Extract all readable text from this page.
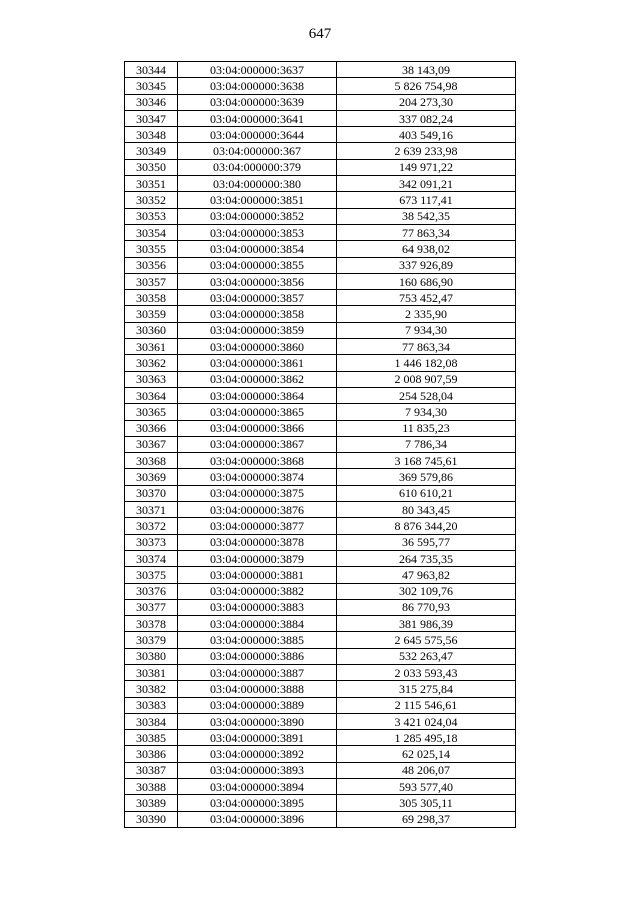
647
30344	03:04:000000:3637	38 143,09
30345	03:04:000000:3638	5 826 754,98
30346	03:04:000000:3639	204 273,30
30347	03:04:000000:3641	337 082,24
30348	03:04:000000:3644	403 549,16
30349	03:04:000000:367	2 639 233,98
30350	03:04:000000:379	149 971,22
30351	03:04:000000:380	342 091,21
30352	03:04:000000:3851	673 117,41
30353	03:04:000000:3852	38 542,35
30354	03:04:000000:3853	77 863,34
30355	03:04:000000:3854	64 938,02
30356	03:04:000000:3855	337 926,89
30357	03:04:000000:3856	160 686,90
30358	03:04:000000:3857	753 452,47
30359	03:04:000000:3858	2 335,90
30360	03:04:000000:3859	7 934,30
30361	03:04:000000:3860	77 863,34
30362	03:04:000000:3861	1 446 182,08
30363	03:04:000000:3862	2 008 907,59
30364	03:04:000000:3864	254 528,04
30365	03:04:000000:3865	7 934,30
30366	03:04:000000:3866	11 835,23
30367	03:04:000000:3867	7 786,34
30368	03:04:000000:3868	3 168 745,61
30369	03:04:000000:3874	369 579,86
30370	03:04:000000:3875	610 610,21
30371	03:04:000000:3876	80 343,45
30372	03:04:000000:3877	8 876 344,20
30373	03:04:000000:3878	36 595,77
30374	03:04:000000:3879	264 735,35
30375	03:04:000000:3881	47 963,82
30376	03:04:000000:3882	302 109,76
30377	03:04:000000:3883	86 770,93
30378	03:04:000000:3884	381 986,39
30379	03:04:000000:3885	2 645 575,56
30380	03:04:000000:3886	532 263,47
30381	03:04:000000:3887	2 033 593,43
30382	03:04:000000:3888	315 275,84
30383	03:04:000000:3889	2 115 546,61
30384	03:04:000000:3890	3 421 024,04
30385	03:04:000000:3891	1 285 495,18
30386	03:04:000000:3892	62 025,14
30387	03:04:000000:3893	48 206,07
30388	03:04:000000:3894	593 577,40
30389	03:04:000000:3895	305 305,11
30390	03:04:000000:3896	69 298,37
